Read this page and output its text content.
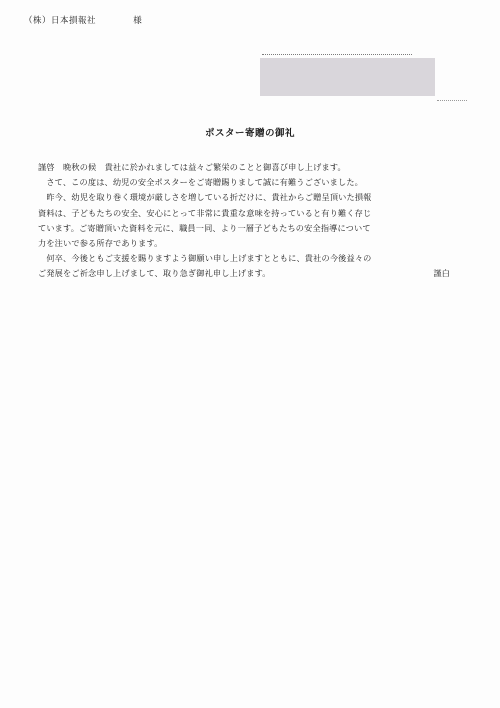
（株）日本損報社	様
ポスター寄贈の御礼
謹啓　晩秋の候　貴社に於かれましては益々ご繁栄のことと御喜び申し上げます。
　さて、この度は、幼児の安全ポスターをご寄贈賜りまして誠に有難うございました。
　昨今、幼児を取り巻く環境が厳しさを増している折だけに、貴社からご贈呈頂いた損報
資料は、子どもたちの安全、安心にとって非常に貴重な意味を持っていると有り難く存じ
ています。ご寄贈頂いた資料を元に、職員一同、より一層子どもたちの安全指導について
力を注いで参る所存であります。
　何卒、今後ともご支援を賜りますよう御願い申し上げますとともに、貴社の今後益々の
ご発展をご祈念申し上げまして、取り急ぎ御礼申し上げます。	謹白
